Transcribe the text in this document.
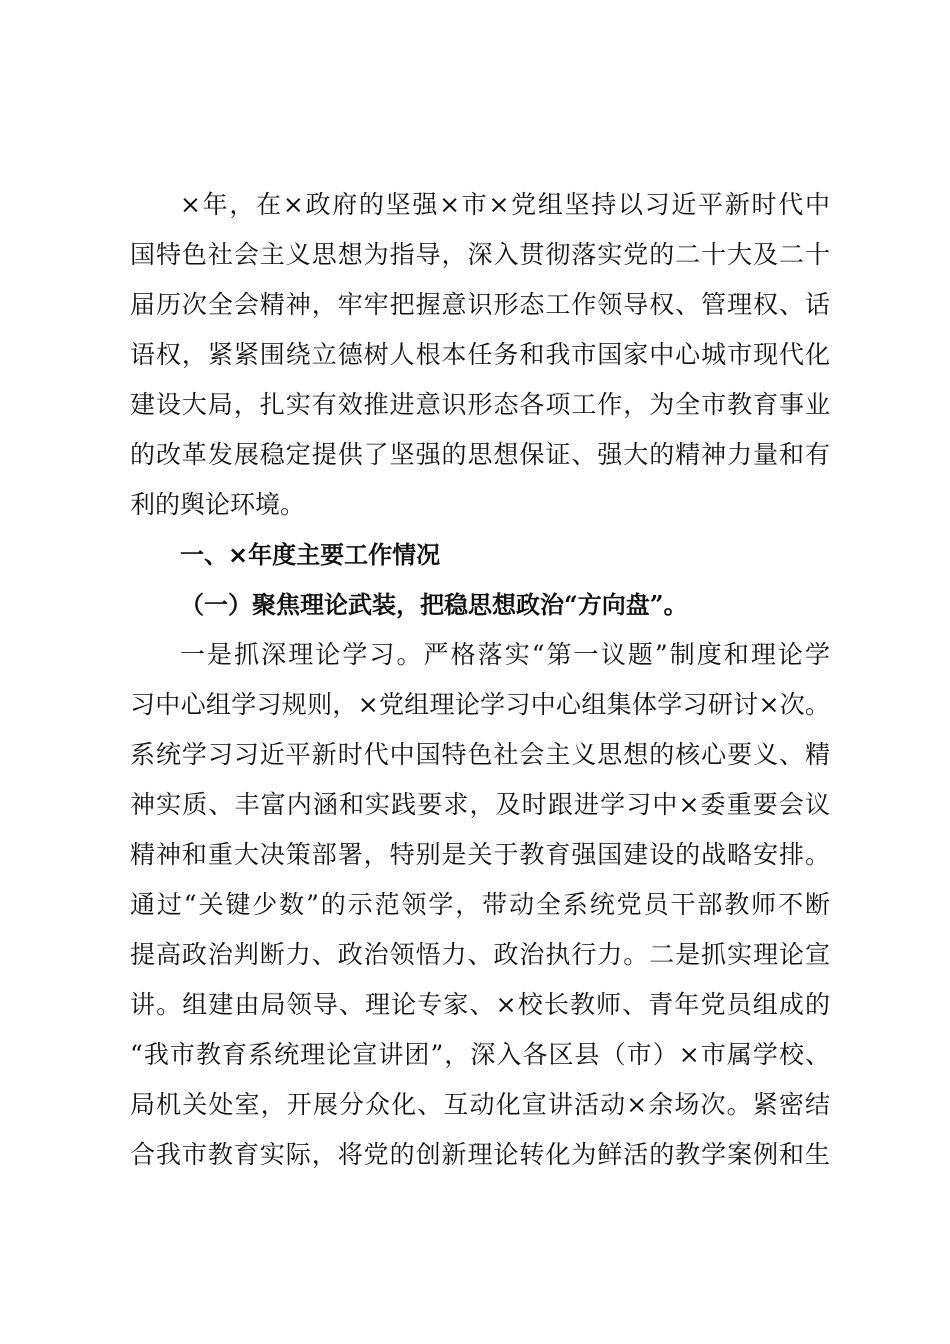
×年，在×政府的坚强×市×党组坚持以习近平新时代中
国特色社会主义思想为指导，深入贯彻落实党的二十大及二十
届历次全会精神，牢牢把握意识形态工作领导权、管理权、话
语权，紧紧围绕立德树人根本任务和我市国家中心城市现代化
建设大局，扎实有效推进意识形态各项工作，为全市教育事业
的改革发展稳定提供了坚强的思想保证、强大的精神力量和有
利的舆论环境。
一、×年度主要工作情况
（一）聚焦理论武装，把稳思想政治“方向盘”。
一是抓深理论学习。严格落实“第一议题”制度和理论学
习中心组学习规则，×党组理论学习中心组集体学习研讨×次。
系统学习习近平新时代中国特色社会主义思想的核心要义、精
神实质、丰富内涵和实践要求，及时跟进学习中×委重要会议
精神和重大决策部署，特别是关于教育强国建设的战略安排。
通过“关键少数”的示范领学，带动全系统党员干部教师不断
提高政治判断力、政治领悟力、政治执行力。二是抓实理论宣
讲。组建由局领导、理论专家、×校长教师、青年党员组成的
“我市教育系统理论宣讲团”，深入各区县（市）×市属学校、
局机关处室，开展分众化、互动化宣讲活动×余场次。紧密结
合我市教育实际，将党的创新理论转化为鲜活的教学案例和生
